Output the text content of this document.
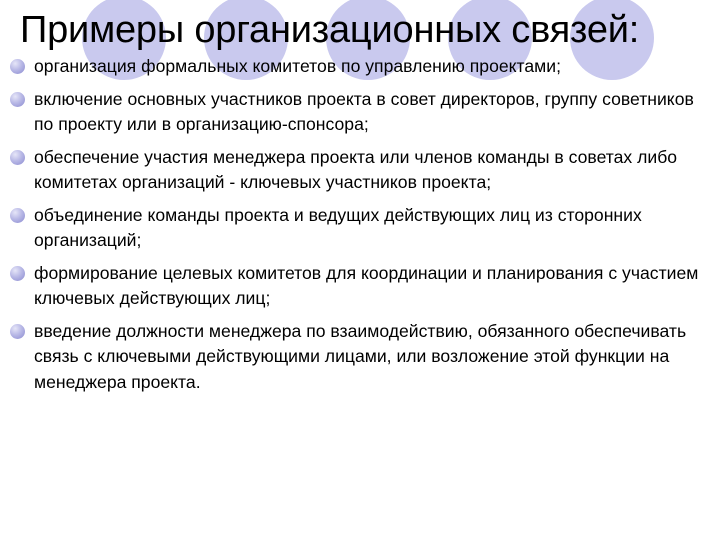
Примеры организационных связей:
организация формальных комитетов по управлению проектами;
включение основных участников проекта в совет директоров, группу советников по проекту или в организацию-спонсора;
обеспечение участия менеджера проекта или членов команды в советах либо комитетах организаций - ключевых участников проекта;
объединение команды проекта и ведущих действующих лиц из сторонних организаций;
формирование целевых комитетов для координации и планирования с участием ключевых действующих лиц;
введение должности менеджера по взаимодействию, обязанного обеспечивать связь с ключевыми действующими лицами, или возложение этой функции на менеджера проекта.
